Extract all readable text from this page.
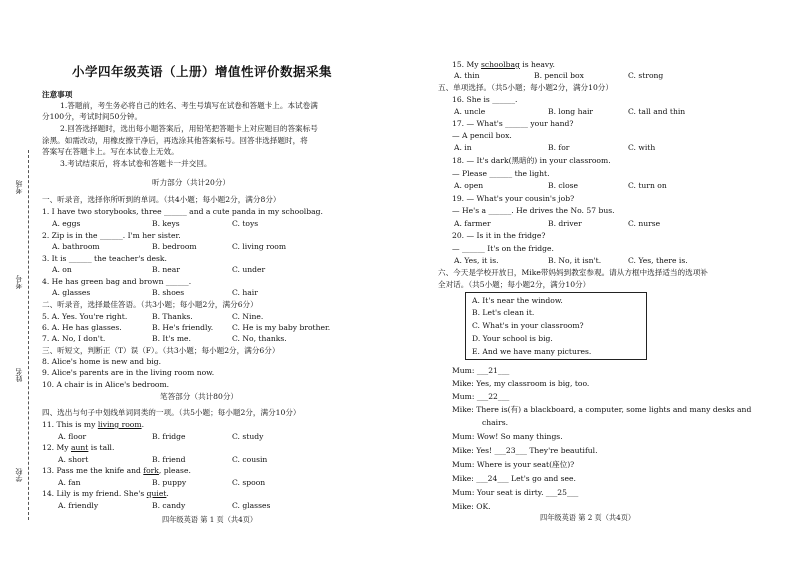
考场
考号
姓名
学校
小学四年级英语（上册）增值性评价数据采集
注意事项
1.答题前，考生务必将自己的姓名、考生号填写在试卷和答题卡上。本试卷满
分100分，考试时间50分钟。
2.回答选择题时，选出每小题答案后，用铅笔把答题卡上对应题目的答案标号
涂黑。如需改动，用橡皮擦干净后，再选涂其他答案标号。回答非选择题时，将
答案写在答题卡上。写在本试卷上无效。
3.考试结束后，将本试卷和答题卡一并交回。
听力部分（共计20分）
一、听录音，选择你所听到的单词。（共4小题；每小题2分，满分8分）
1. I have two storybooks, three ______ and a cute panda in my schoolbag.
A. eggs	B. keys	C. toys
2. Zip is in the ______. I'm her sister.
A. bathroom	B. bedroom	C. living room
3. It is ______ the teacher's desk.
A. on	B. near	C. under
4. He has green bag and brown ______.
A. glasses	B. shoes	C. hair
二、听录音，选择最佳答语。（共3小题；每小题2分，满分6分）
5. A. Yes. You're right.	B. Thanks.	C. Nine.
6. A. He has glasses.	B. He's friendly. C. He is my baby brother.
7. A. No, I don't.	B. It's me.	C. No, thanks.
三、听短文，判断正（T）误（F）。（共3小题；每小题2分，满分6分）
8. Alice's home is new and big.
9. Alice's parents are in the living room now.
10. A chair is in Alice's bedroom.
笔答部分（共计80分）
四、选出与句子中划线单词同类的一项。（共5小题；每小题2分，满分10分）
11. This is my living room.
A. floor	B. fridge	C. study
12. My aunt is tall.
A. short	B. friend	C. cousin
13. Pass me the knife and fork, please.
A. fan	B. puppy	C. spoon
14. Lily is my friend. She's quiet.
A. friendly	B. candy	C. glasses
四年级英语 第 1 页（共4页）
15. My schoolbag is heavy.
A. thin	B. pencil box	C. strong
五、单项选择。（共5小题；每小题2分，满分10分）
16. She is ______.
A. uncle	B. long hair	C. tall and thin
17. — What's ______ your hand?
— A pencil box.
A. in	B. for	C. with
18. — It's dark(黑暗的) in your classroom.
— Please ______ the light.
A. open	B. close	C. turn on
19. — What's your cousin's job?
— He's a ______. He drives the No. 57 bus.
A. farmer	B. driver	C. nurse
20. — Is it in the fridge?
— ______ It's on the fridge.
A. Yes, it is.	B. No, it isn't.	C. Yes, there is.
六、今天是学校开放日，Mike带妈妈到教室参观。请从方框中选择适当的选项补
全对话。（共5小题；每小题2分，满分10分）
Mum: ___21___
Mike: Yes, my classroom is big, too.
Mum: ___22___
Mike: There is(有) a blackboard, a computer, some lights and many desks and
chairs.
Mum: Wow! So many things.
Mike: Yes! ___23___ They're beautiful.
Mum: Where is your seat(座位)?
Mike: ___24___ Let's go and see.
Mum: Your seat is dirty. ___25___
Mike: OK.
四年级英语 第 2 页（共4页）
A. It's near the window.
B. Let's clean it.
C. What's in your classroom?
D. Your school is big.
E. And we have many pictures.
